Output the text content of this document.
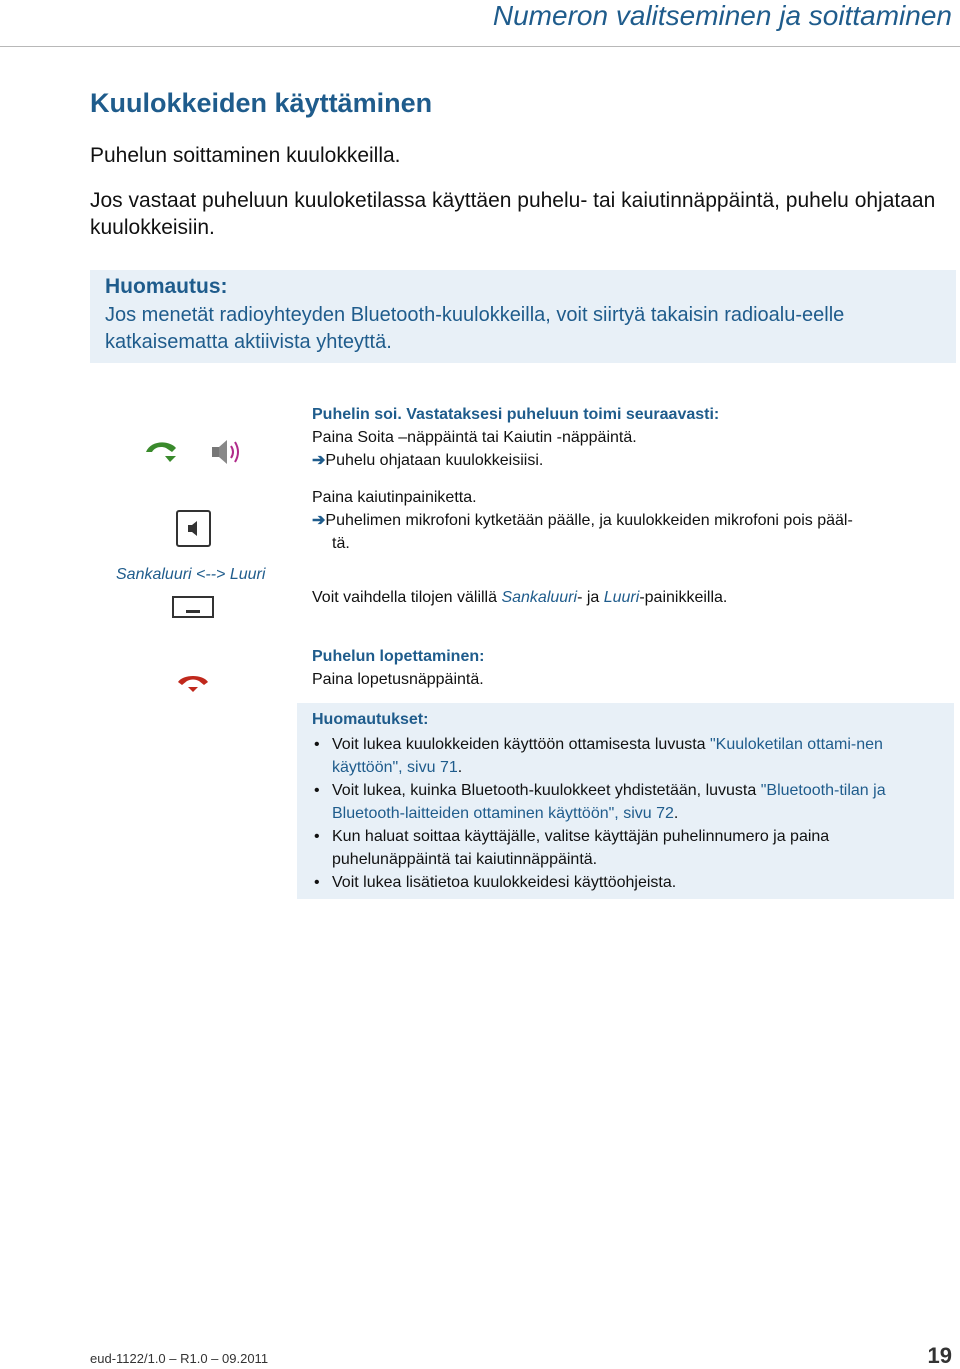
Numeron valitseminen ja soittaminen
Kuulokkeiden käyttäminen
Puhelun soittaminen kuulokkeilla.
Jos vastaat puheluun kuuloketilassa käyttäen puhelu- tai kaiutinnäppäintä, puhelu ohjataan kuulokkeisiin.
Huomautus:
Jos menetät radioyhteyden Bluetooth-kuulokkeilla, voit siirtyä takaisin radioalu-eelle katkaisematta aktiivista yhteyttä.
Sankaluuri <--> Luuri
Puhelin soi. Vastataksesi puheluun toimi seuraavasti:
Paina Soita –näppäintä tai Kaiutin -näppäintä.
➔Puhelu ohjataan kuulokkeisiisi.
Paina kaiutinpainiketta.
➔Puhelimen mikrofoni kytketään päälle, ja kuulokkeiden mikrofoni pois pääl-
tä.
Voit vaihdella tilojen välillä Sankaluuri- ja Luuri-painikkeilla.
Puhelun lopettaminen:
Paina lopetusnäppäintä.
Huomautukset:
• Voit lukea kuulokkeiden käyttöön ottamisesta luvusta "Kuuloketilan ottami-nen käyttöön", sivu 71.
• Voit lukea, kuinka Bluetooth-kuulokkeet yhdistetään, luvusta "Bluetooth-tilan ja Bluetooth-laitteiden ottaminen käyttöön", sivu 72.
• Kun haluat soittaa käyttäjälle, valitse käyttäjän puhelinnumero ja paina puhelunäppäintä tai kaiutinnäppäintä.
• Voit lukea lisätietoa kuulokkeidesi käyttöohjeista.
eud-1122/1.0 – R1.0 – 09.2011	19
